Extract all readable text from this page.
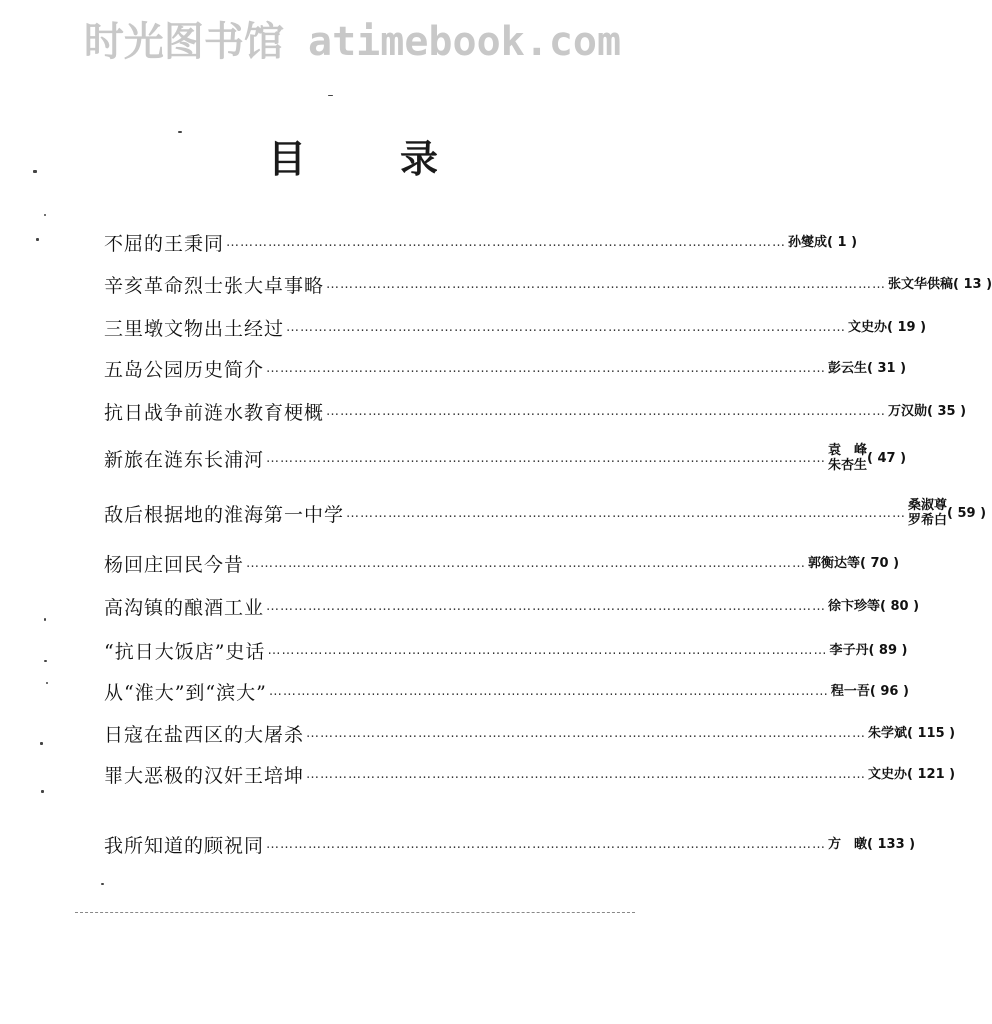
时光图书馆 atimebook.com
目 录
不屈的王秉同 ………………………………………………………………………………………………………… 孙燮成 ( 1 )
辛亥革命烈士张大卓事略 ………………………………………………………………………………………………………… 张文华供稿 ( 13 )
三里墩文物出土经过 ………………………………………………………………………………………………………… 文史办 ( 19 )
五岛公园历史简介 ………………………………………………………………………………………………………… 彭云生 ( 31 )
抗日战争前涟水教育梗概 ………………………………………………………………………………………………………… 万汉勋 ( 35 )
新旅在涟东长浦河 ………………………………………………………………………………………………………… 袁　峰
朱杏生 ( 47 )
敌后根据地的淮海第一中学 ………………………………………………………………………………………………………… 桑淑尊
罗希白 ( 59 )
杨回庄回民今昔 ………………………………………………………………………………………………………… 郭衡达等 ( 70 )
高沟镇的酿酒工业 ………………………………………………………………………………………………………… 徐卞珍等 ( 80 )
“抗日大饭店”史话 ………………………………………………………………………………………………………… 李子丹 ( 89 )
从“淮大”到“滨大” ………………………………………………………………………………………………………… 程一吾 ( 96 )
日寇在盐西区的大屠杀 ………………………………………………………………………………………………………… 朱学斌 ( 115 )
罪大恶极的汉奸王培坤 ………………………………………………………………………………………………………… 文史办 ( 121 )
我所知道的顾祝同 ………………………………………………………………………………………………………… 方　暾 ( 133 )
